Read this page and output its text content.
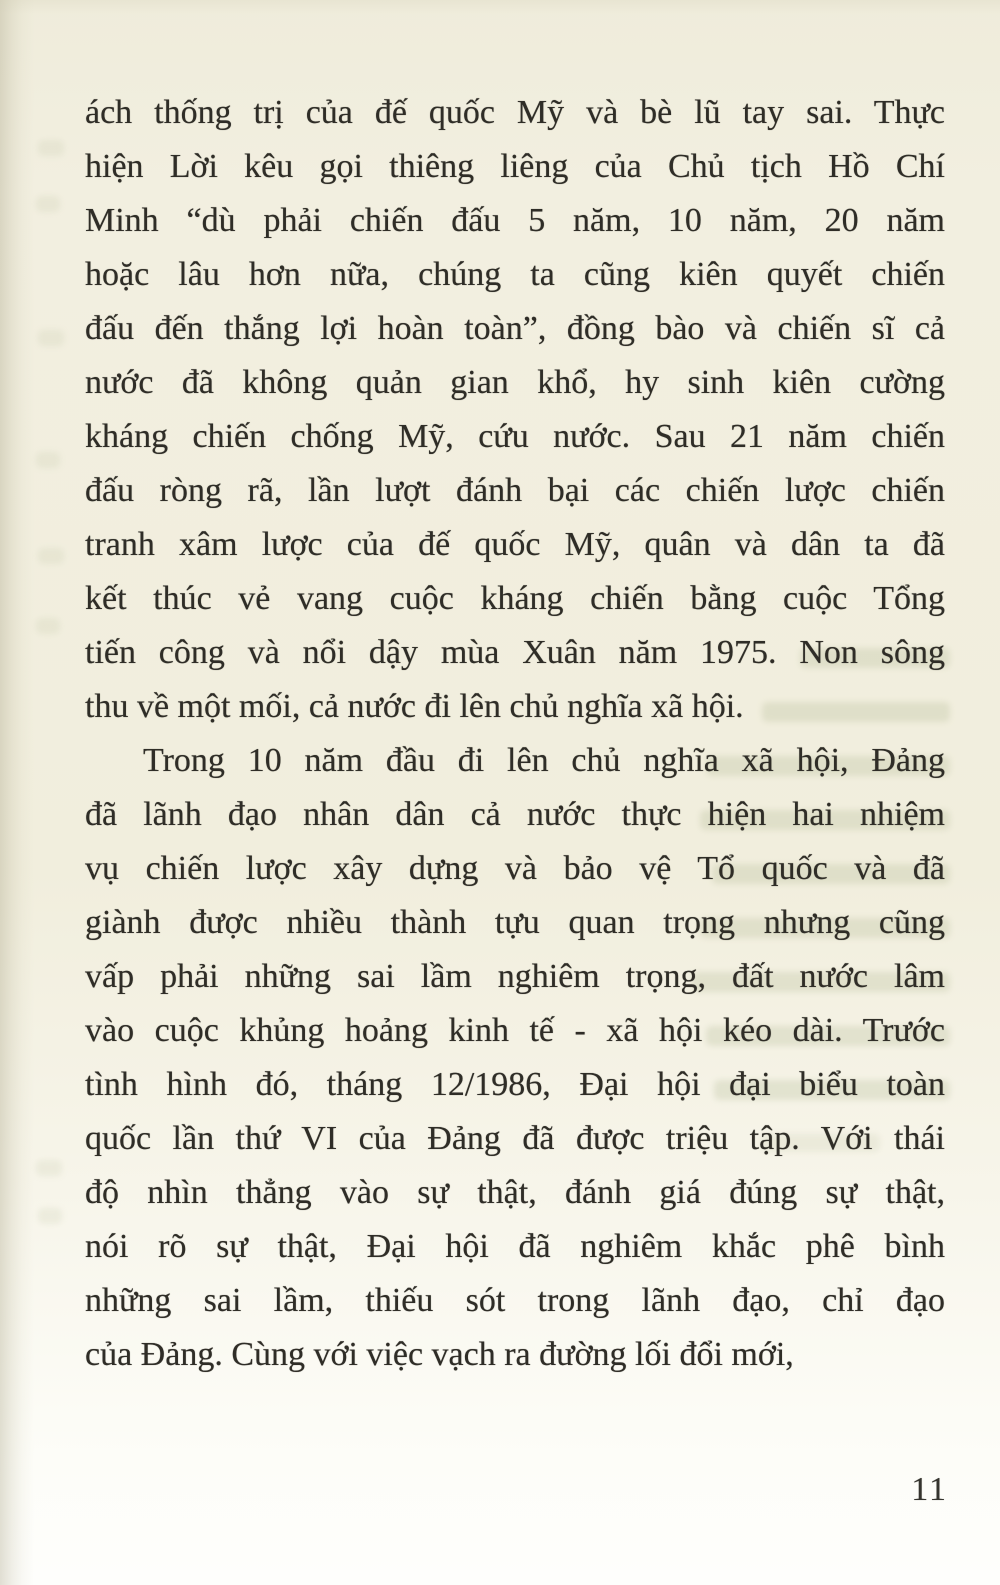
ách thống trị của đế quốc Mỹ và bè lũ tay sai. Thực
hiện Lời kêu gọi thiêng liêng của Chủ tịch Hồ Chí
Minh “dù phải chiến đấu 5 năm, 10 năm, 20 năm
hoặc lâu hơn nữa, chúng ta cũng kiên quyết chiến
đấu đến thắng lợi hoàn toàn”, đồng bào và chiến sĩ cả
nước đã không quản gian khổ, hy sinh kiên cường
kháng chiến chống Mỹ, cứu nước. Sau 21 năm chiến
đấu ròng rã, lần lượt đánh bại các chiến lược chiến
tranh xâm lược của đế quốc Mỹ, quân và dân ta đã
kết thúc vẻ vang cuộc kháng chiến bằng cuộc Tổng
tiến công và nổi dậy mùa Xuân năm 1975. Non sông
thu về một mối, cả nước đi lên chủ nghĩa xã hội.
Trong 10 năm đầu đi lên chủ nghĩa xã hội, Đảng
đã lãnh đạo nhân dân cả nước thực hiện hai nhiệm
vụ chiến lược xây dựng và bảo vệ Tổ quốc và đã
giành được nhiều thành tựu quan trọng nhưng cũng
vấp phải những sai lầm nghiêm trọng, đất nước lâm
vào cuộc khủng hoảng kinh tế - xã hội kéo dài. Trước
tình hình đó, tháng 12/1986, Đại hội đại biểu toàn
quốc lần thứ VI của Đảng đã được triệu tập. Với thái
độ nhìn thẳng vào sự thật, đánh giá đúng sự thật,
nói rõ sự thật, Đại hội đã nghiêm khắc phê bình
những sai lầm, thiếu sót trong lãnh đạo, chỉ đạo
của Đảng. Cùng với việc vạch ra đường lối đổi mới,
11
